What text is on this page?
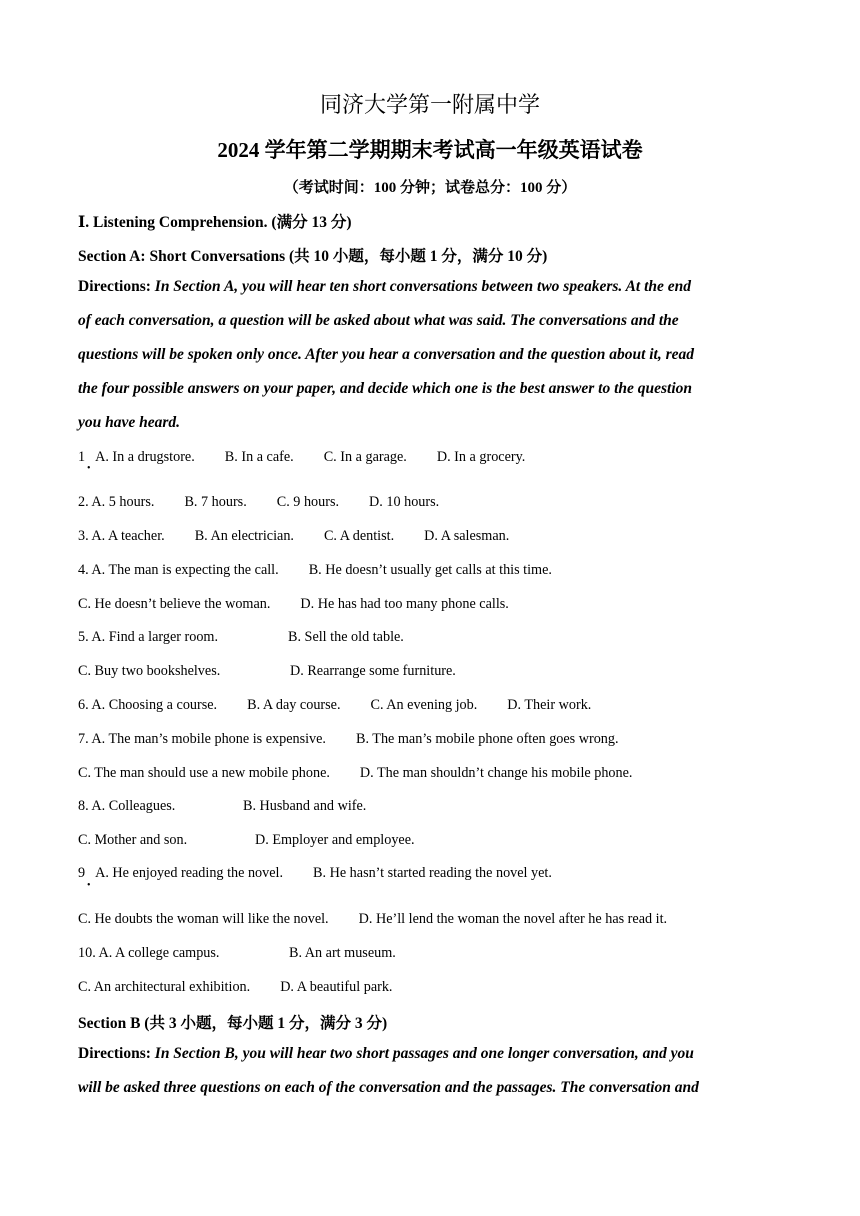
同济大学第一附属中学
2024 学年第二学期期末考试高一年级英语试卷
（考试时间：100 分钟；试卷总分：100 分）
Ⅰ. Listening Comprehension. (满分 13 分)
Section A: Short Conversations (共 10 小题，每小题 1 分，满分 10 分)
Directions: In Section A, you will hear ten short conversations between two speakers. At the end
of each conversation, a question will be asked about what was said. The conversations and the
questions will be spoken only once. After you hear a conversation and the question about it, read
the four possible answers on your paper, and decide which one is the best answer to the question
you have heard.
1 A. In a drugstore. B. In a cafe. C. In a garage. D. In a grocery.
•
2. A. 5 hours. B. 7 hours. C. 9 hours. D. 10 hours.
3. A. A teacher. B. An electrician. C. A dentist. D. A salesman.
4. A. The man is expecting the call. B. He doesn’t usually get calls at this time.
C. He doesn’t believe the woman. D. He has had too many phone calls.
5. A. Find a larger room.	B. Sell the old table.
C. Buy two bookshelves.	D. Rearrange some furniture.
6. A. Choosing a course. B. A day course. C. An evening job. D. Their work.
7. A. The man’s mobile phone is expensive. B. The man’s mobile phone often goes wrong.
C. The man should use a new mobile phone. D. The man shouldn’t change his mobile phone.
8. A. Colleagues.	B. Husband and wife.
C. Mother and son.	D. Employer and employee.
9 A. He enjoyed reading the novel. B. He hasn’t started reading the novel yet.
•
C. He doubts the woman will like the novel. D. He’ll lend the woman the novel after he has read it.
10. A. A college campus.	B. An art museum.
C. An architectural exhibition. D. A beautiful park.
Section B (共 3 小题，每小题 1 分，满分 3 分)
Directions: In Section B, you will hear two short passages and one longer conversation, and you
will be asked three questions on each of the conversation and the passages. The conversation and
